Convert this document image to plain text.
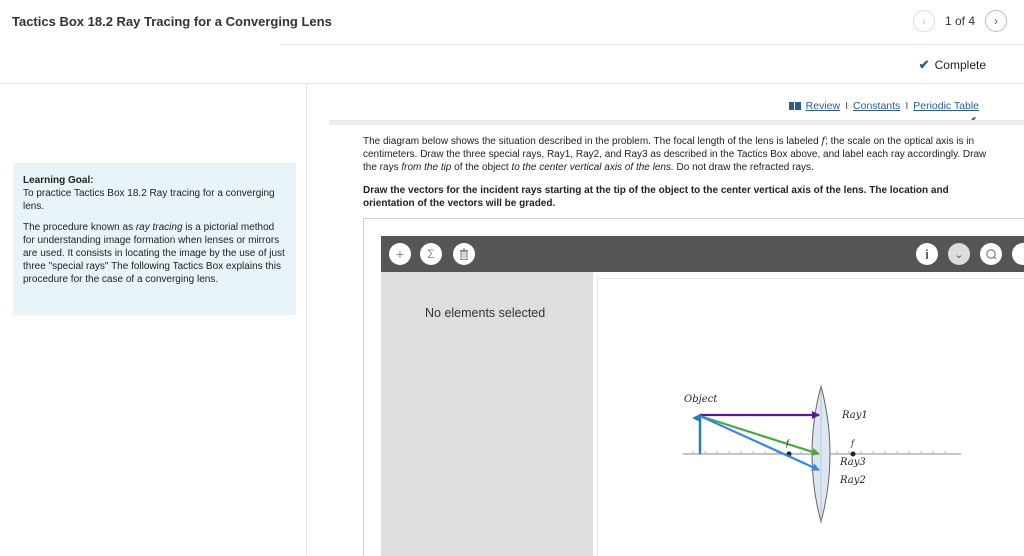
Tactics Box 18.2 Ray Tracing for a Converging Lens	‹	1 of 4	›
✔ Complete

Learning Goal:
To practice Tactics Box 18.2 Ray tracing for a converging lens.

The procedure known as ray tracing is a pictorial method for understanding image formation when lenses or mirrors are used. It consists in locating the image by the use of just three "special rays" The following Tactics Box explains this procedure for the case of a converging lens.

Review I Constants I Periodic Table
The diagram below shows the situation described in the problem. The focal length of the lens is labeled f; the scale on the optical axis is in centimeters. Draw the three special rays, Ray1, Ray2, and Ray3 as described in the Tactics Box above, and label each ray accordingly. Draw the rays from the tip of the object to the center vertical axis of the lens. Do not draw the refracted rays.
Draw the vectors for the incident rays starting at the tip of the object to the center vertical axis of the lens. The location and orientation of the vectors will be graded.
+	Σ	i	⌄
No elements selected
Object
Ray1
Ray3
Ray2
f	f
